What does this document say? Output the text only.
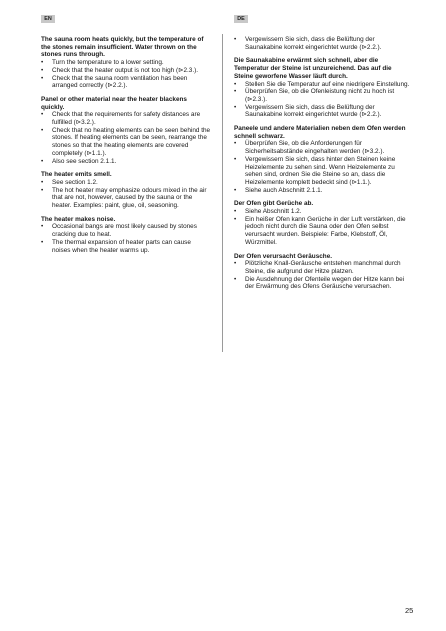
EN	DE

The sauna room heats quickly, but the temperature of the stones remain insufficient. Water thrown on the stones runs through.

• Turn the temperature to a lower setting.
• Check that the heater output is not too high (⊳2.3.).
• Check that the sauna room ventilation has been arranged correctly (⊳2.2.).

Panel or other material near the heater blackens quickly.

• Check that the requirements for safety distances are fulfilled (⊳3.2.).
• Check that no heating elements can be seen behind the stones. If heating elements can be seen, rearrange the stones so that the heating elements are covered completely (⊳1.1.).
• Also see section 2.1.1.

The heater emits smell.

• See section 1.2.
• The hot heater may emphasize odours mixed in the air that are not, however, caused by the sauna or the heater. Examples: paint, glue, oil, seasoning.

The heater makes noise.

• Occasional bangs are most likely caused by stones cracking due to heat.
• The thermal expansion of heater parts can cause noises when the heater warms up.
• Vergewissern Sie sich, dass die Belüftung der Saunakabine korrekt eingerichtet wurde (⊳2.2.).

Die Saunakabine erwärmt sich schnell, aber die Temperatur der Steine ist unzureichend. Das auf die Steine geworfene Wasser läuft durch.

• Stellen Sie die Temperatur auf eine niedrigere Einstellung.
• Überprüfen Sie, ob die Ofenleistung nicht zu hoch ist (⊳2.3.).
• Vergewissern Sie sich, dass die Belüftung der Saunakabine korrekt eingerichtet wurde (⊳2.2.).

Paneele und andere Materialien neben dem Ofen werden schnell schwarz.

• Überprüfen Sie, ob die Anforderungen für Sicherheitsabstände eingehalten werden (⊳3.2.).
• Vergewissern Sie sich, dass hinter den Steinen keine Heizelemente zu sehen sind. Wenn Heizelemente zu sehen sind, ordnen Sie die Steine so an, dass die Heizelemente komplett bedeckt sind (⊳1.1.).
• Siehe auch Abschnitt 2.1.1.

Der Ofen gibt Gerüche ab.

• Siehe Abschnitt 1.2.
• Ein heißer Ofen kann Gerüche in der Luft verstärken, die jedoch nicht durch die Sauna oder den Ofen selbst verursacht wurden. Beispiele: Farbe, Klebstoff, Öl, Würzmittel.

Der Ofen verursacht Geräusche.

• Plötzliche Knall-Geräusche entstehen manchmal durch Steine, die aufgrund der Hitze platzen.
• Die Ausdehnung der Ofenteile wegen der Hitze kann bei der Erwärmung des Ofens Geräusche verursachen.
25
